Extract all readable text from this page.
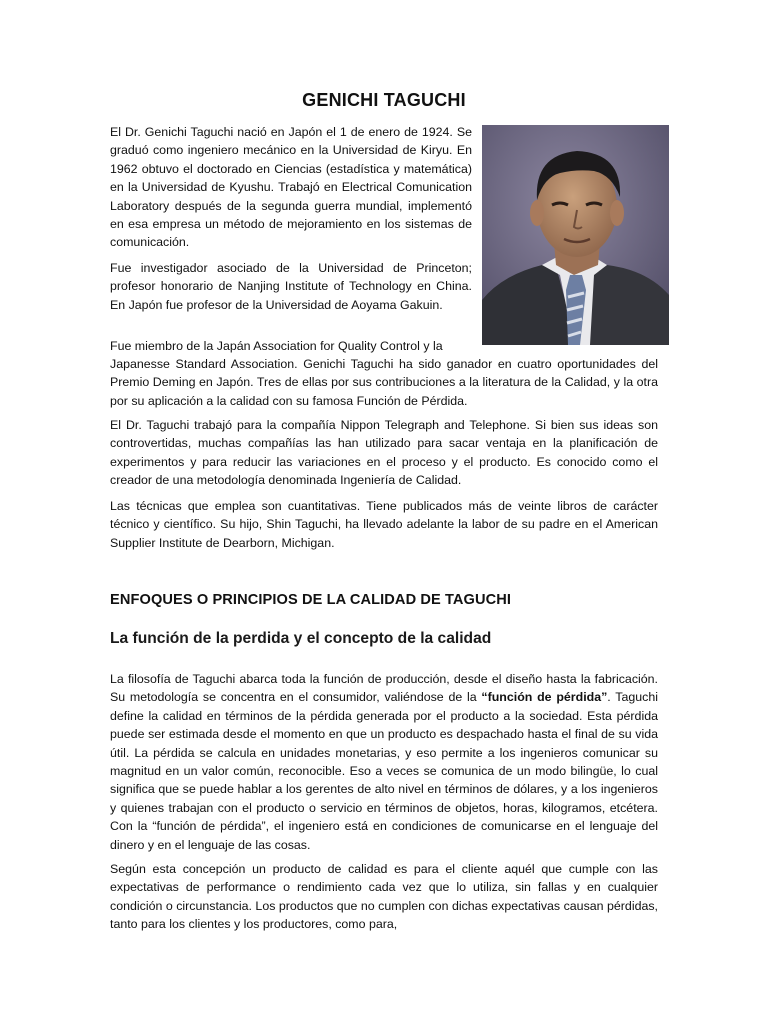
GENICHI TAGUCHI

El Dr. Genichi Taguchi nació en Japón el 1 de enero de 1924. Se graduó como ingeniero mecánico en la Universidad de Kiryu. En 1962 obtuvo el doctorado en Ciencias (estadística y matemática) en la Universidad de Kyushu. Trabajó en Electrical Comunication Laboratory después de la segunda guerra mundial, implementó en esa empresa un método de mejoramiento en los sistemas de comunicación.

Fue investigador asociado de la Universidad de Princeton; profesor honorario de Nanjing Institute of Technology en China. En Japón fue profesor de la Universidad de Aoyama Gakuin.

Fue miembro de la Japán Association for Quality Control y la

Japanesse Standard Association. Genichi Taguchi ha sido ganador en cuatro oportunidades del Premio Deming en Japón. Tres de ellas por sus contribuciones a la literatura de la Calidad, y la otra por su aplicación a la calidad con su famosa Función de Pérdida.

El Dr. Taguchi trabajó para la compañía Nippon Telegraph and Telephone. Si bien sus ideas son controvertidas, muchas compañías las han utilizado para sacar ventaja en la planificación de experimentos y para reducir las variaciones en el proceso y el producto. Es conocido como el creador de una metodología denominada Ingeniería de Calidad.

Las técnicas que emplea son cuantitativas. Tiene publicados más de veinte libros de carácter técnico y científico. Su hijo, Shin Taguchi, ha llevado adelante la labor de su padre en el American Supplier Institute de Dearborn, Michigan.

ENFOQUES O PRINCIPIOS DE LA CALIDAD DE TAGUCHI
La función de la perdida y el concepto de la calidad

La filosofía de Taguchi abarca toda la función de producción, desde el diseño hasta la fabricación. Su metodología se concentra en el consumidor, valiéndose de la “función de pérdida”. Taguchi define la calidad en términos de la pérdida generada por el producto a la sociedad. Esta pérdida puede ser estimada desde el momento en que un producto es despachado hasta el final de su vida útil. La pérdida se calcula en unidades monetarias, y eso permite a los ingenieros comunicar su magnitud en un valor común, reconocible. Eso a veces se comunica de un modo bilingüe, lo cual significa que se puede hablar a los gerentes de alto nivel en términos de dólares, y a los ingenieros y quienes trabajan con el producto o servicio en términos de objetos, horas, kilogramos, etcétera. Con la “función de pérdida”, el ingeniero está en condiciones de comunicarse en el lenguaje del dinero y en el lenguaje de las cosas.

Según esta concepción un producto de calidad es para el cliente aquél que cumple con las expectativas de performance o rendimiento cada vez que lo utiliza, sin fallas y en cualquier condición o circunstancia. Los productos que no cumplen con dichas expectativas causan pérdidas, tanto para los clientes y los productores, como para,
